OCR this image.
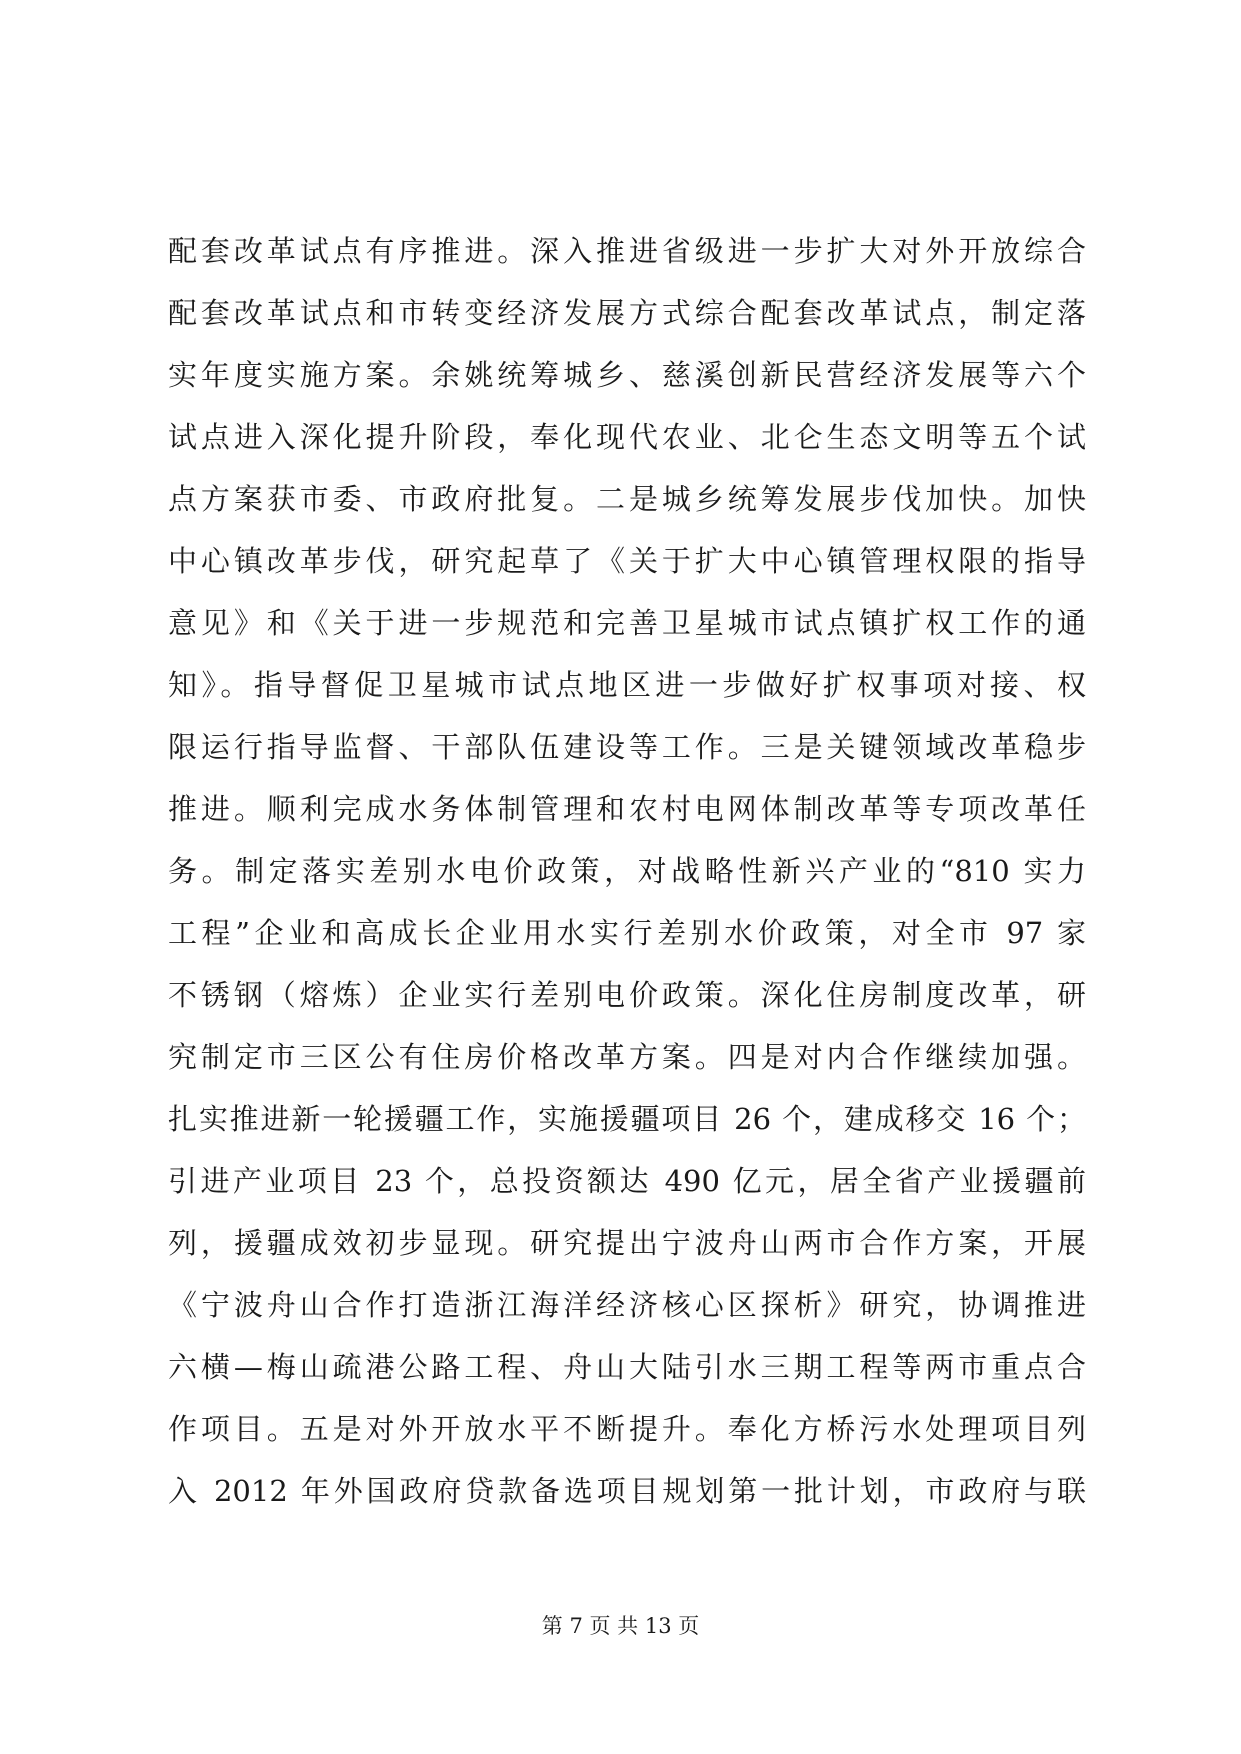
配套改革试点有序推进。深入推进省级进一步扩大对外开放综合
配套改革试点和市转变经济发展方式综合配套改革试点，制定落
实年度实施方案。余姚统筹城乡、慈溪创新民营经济发展等六个
试点进入深化提升阶段，奉化现代农业、北仑生态文明等五个试
点方案获市委、市政府批复。二是城乡统筹发展步伐加快。加快
中心镇改革步伐，研究起草了《关于扩大中心镇管理权限的指导
意见》和《关于进一步规范和完善卫星城市试点镇扩权工作的通
知》。指导督促卫星城市试点地区进一步做好扩权事项对接、权
限运行指导监督、干部队伍建设等工作。三是关键领域改革稳步
推进。顺利完成水务体制管理和农村电网体制改革等专项改革任
务。制定落实差别水电价政策，对战略性新兴产业的“810 实力
工程”企业和高成长企业用水实行差别水价政策，对全市 97 家
不锈钢（熔炼）企业实行差别电价政策。深化住房制度改革，研
究制定市三区公有住房价格改革方案。四是对内合作继续加强。
扎实推进新一轮援疆工作，实施援疆项目 26 个，建成移交 16 个；
引进产业项目 23 个，总投资额达 490 亿元，居全省产业援疆前
列，援疆成效初步显现。研究提出宁波舟山两市合作方案，开展
《宁波舟山合作打造浙江海洋经济核心区探析》研究，协调推进
六横—梅山疏港公路工程、舟山大陆引水三期工程等两市重点合
作项目。五是对外开放水平不断提升。奉化方桥污水处理项目列
入 2012 年外国政府贷款备选项目规划第一批计划，市政府与联
第 7 页 共 13 页
